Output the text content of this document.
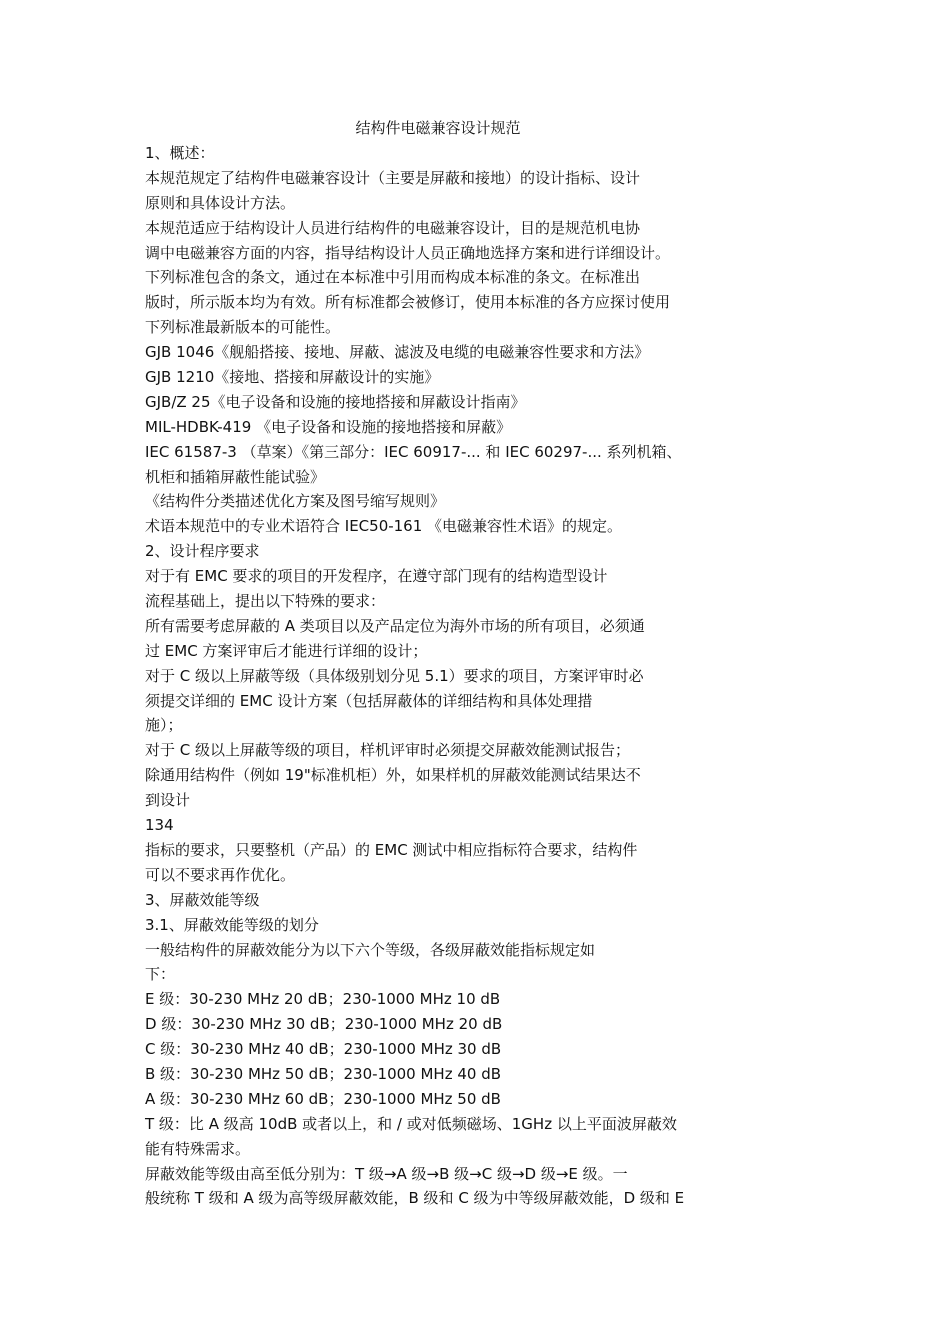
结构件电磁兼容设计规范
1、概述：
本规范规定了结构件电磁兼容设计（主要是屏蔽和接地）的设计指标、设计
原则和具体设计方法。
本规范适应于结构设计人员进行结构件的电磁兼容设计，目的是规范机电协
调中电磁兼容方面的内容，指导结构设计人员正确地选择方案和进行详细设计。
下列标准包含的条文，通过在本标准中引用而构成本标准的条文。在标准出
版时，所示版本均为有效。所有标准都会被修订，使用本标准的各方应探讨使用
下列标准最新版本的可能性。
GJB 1046《舰船搭接、接地、屏蔽、滤波及电缆的电磁兼容性要求和方法》
GJB 1210《接地、搭接和屏蔽设计的实施》
GJB/Z 25《电子设备和设施的接地搭接和屏蔽设计指南》
MIL-HDBK-419 《电子设备和设施的接地搭接和屏蔽》
IEC 61587-3 （草案）《第三部分：IEC 60917-... 和 IEC 60297-... 系列机箱、
机柜和插箱屏蔽性能试验》
《结构件分类描述优化方案及图号缩写规则》
术语本规范中的专业术语符合 IEC50-161 《电磁兼容性术语》的规定。
2、设计程序要求
对于有 EMC 要求的项目的开发程序，在遵守部门现有的结构造型设计
流程基础上，提出以下特殊的要求：
所有需要考虑屏蔽的 A 类项目以及产品定位为海外市场的所有项目，必须通
过 EMC 方案评审后才能进行详细的设计；
对于 C 级以上屏蔽等级（具体级别划分见 5.1）要求的项目，方案评审时必
须提交详细的 EMC 设计方案（包括屏蔽体的详细结构和具体处理措
施）；
对于 C 级以上屏蔽等级的项目，样机评审时必须提交屏蔽效能测试报告；
除通用结构件（例如 19"标准机柜）外，如果样机的屏蔽效能测试结果达不
到设计
134
指标的要求，只要整机（产品）的 EMC 测试中相应指标符合要求，结构件
可以不要求再作优化。
3、屏蔽效能等级
3.1、屏蔽效能等级的划分
一般结构件的屏蔽效能分为以下六个等级，各级屏蔽效能指标规定如
下：
E 级：30-230 MHz 20 dB；230-1000 MHz 10 dB
D 级：30-230 MHz 30 dB；230-1000 MHz 20 dB
C 级：30-230 MHz 40 dB；230-1000 MHz 30 dB
B 级：30-230 MHz 50 dB；230-1000 MHz 40 dB
A 级：30-230 MHz 60 dB；230-1000 MHz 50 dB
T 级：比 A 级高 10dB 或者以上，和 / 或对低频磁场、1GHz 以上平面波屏蔽效
能有特殊需求。
屏蔽效能等级由高至低分别为：T 级→A 级→B 级→C 级→D 级→E 级。一
般统称 T 级和 A 级为高等级屏蔽效能，B 级和 C 级为中等级屏蔽效能，D 级和 E
